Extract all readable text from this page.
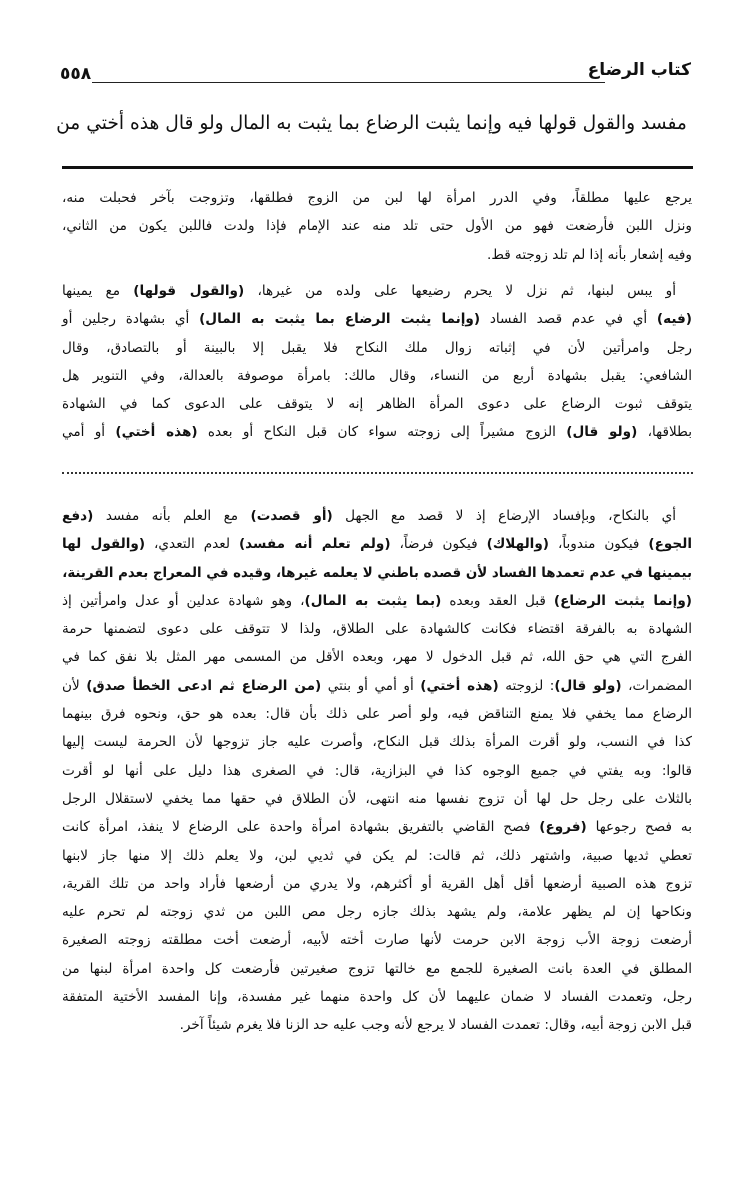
٥٥٨	كتاب الرضاع
مفسد والقول قولها فيه وإنما يثبت الرضاع بما يثبت به المال ولو قال هذه أختي من
يرجع عليها مطلقاً، وفي الدرر امرأة لها لبن من الزوج فطلقها، وتزوجت بآخر فحبلت منه،
ونزل اللبن فأرضعت فهو من الأول حتى تلد منه عند الإمام فإذا ولدت فاللبن يكون من الثاني،
وفيه إشعار بأنه إذا لم تلد زوجته قط.
أو يبس لبنها، ثم نزل لا يحرم رضيعها على ولده من غيرها، (والقول قولها) مع يمينها
(فيه) أي في عدم قصد الفساد (وإنما يثبت الرضاع بما يثبت به المال) أي بشهادة رجلين أو
رجل وامرأتين لأن في إثباته زوال ملك النكاح فلا يقبل إلا بالبينة أو بالتصادق، وقال
الشافعي: يقبل بشهادة أربع من النساء، وقال مالك: بامرأة موصوفة بالعدالة، وفي التنوير هل
يتوقف ثبوت الرضاع على دعوى المرأة الظاهر إنه لا يتوقف على الدعوى كما في الشهادة
بطلاقها، (ولو قال) الزوج مشيراً إلى زوجته سواء كان قبل النكاح أو بعده (هذه أختي) أو أمي
أي بالنكاح، وبإفساد الإرضاع إذ لا قصد مع الجهل (أو قصدت) مع العلم بأنه مفسد (دفع
الجوع) فيكون مندوباً، (والهلاك) فيكون فرضاً، (ولم تعلم أنه مفسد) لعدم التعدي، (والقول لها
بيمينها في عدم تعمدها الفساد لأن قصده باطني لا يعلمه غيرها، وقيده في المعراج بعدم القرينة،
(وإنما يثبت الرضاع) قبل العقد وبعده (بما يثبت به المال)، وهو شهادة عدلين أو عدل وامرأتين إذ
الشهادة به بالفرقة اقتضاء فكانت كالشهادة على الطلاق، ولذا لا تتوقف على دعوى لتضمنها حرمة
الفرج التي هي حق الله، ثم قبل الدخول لا مهر، وبعده الأقل من المسمى مهر المثل بلا نفق كما في
المضمرات، (ولو قال): لزوجته (هذه أختي) أو أمي أو بنتي (من الرضاع ثم ادعى الخطأ صدق) لأن
الرضاع مما يخفي فلا يمنع التناقض فيه، ولو أصر على ذلك بأن قال: بعده هو حق، ونحوه فرق بينهما
كذا في النسب، ولو أقرت المرأة بذلك قبل النكاح، وأصرت عليه جاز تزوجها لأن الحرمة ليست إليها
قالوا: وبه يفتي في جميع الوجوه كذا في البزازية، قال: في الصغرى هذا دليل على أنها لو أقرت
بالثلاث على رجل حل لها أن تزوج نفسها منه انتهى، لأن الطلاق في حقها مما يخفي لاستقلال الرجل
به فصح رجوعها (فروع) فصح القاضي بالتفريق بشهادة امرأة واحدة على الرضاع لا ينفذ، امرأة كانت
تعطي ثديها صبية، واشتهر ذلك، ثم قالت: لم يكن في ثديي لبن، ولا يعلم ذلك إلا منها جاز لابنها
تزوج هذه الصبية أرضعها أقل أهل القرية أو أكثرهم، ولا يدري من أرضعها فأراد واحد من تلك القرية،
ونكاحها إن لم يظهر علامة، ولم يشهد بذلك جازه رجل مص اللبن من ثدي زوجته لم تحرم عليه
أرضعت زوجة الأب زوجة الابن حرمت لأنها صارت أخته لأبيه، أرضعت أخت مطلقته زوجته الصغيرة
المطلق في العدة بانت الصغيرة للجمع مع خالتها تزوج صغيرتين فأرضعت كل واحدة امرأة لبنها من
رجل، وتعمدت الفساد لا ضمان عليهما لأن كل واحدة منهما غير مفسدة، وإنا المفسد الأختية المتفقة
قبل الابن زوجة أبيه، وقال: تعمدت الفساد لا يرجع لأنه وجب عليه حد الزنا فلا يغرم شيئاً آخر.
